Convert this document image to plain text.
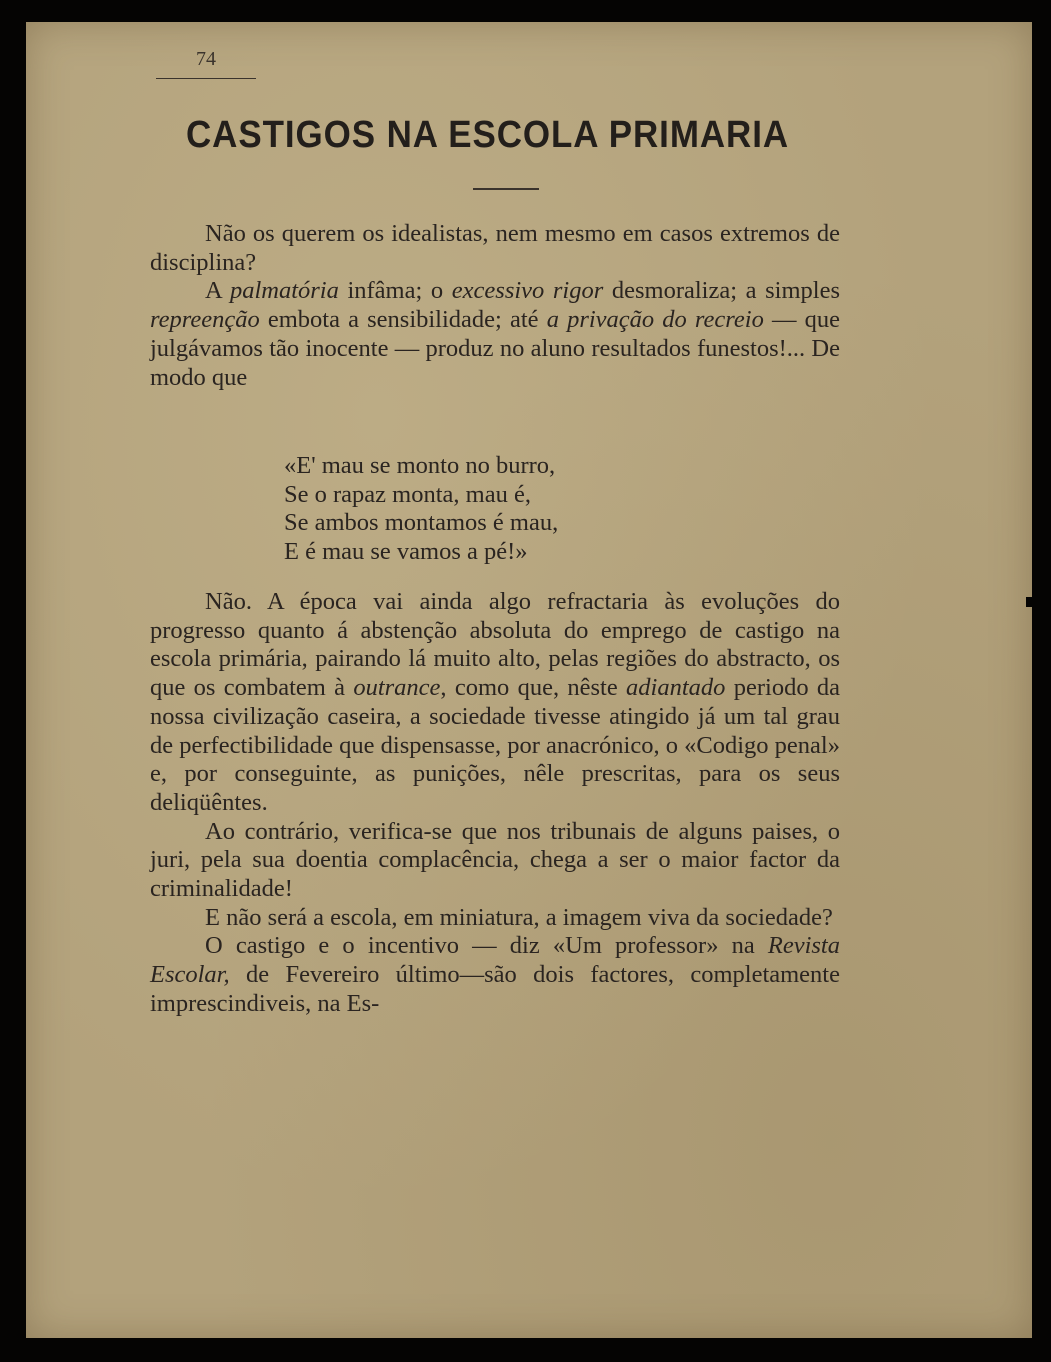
74
CASTIGOS NA ESCOLA PRIMARIA

Não os querem os idealistas, nem mesmo em casos extremos de disciplina?

A palmatória infâma; o excessivo rigor desmoraliza; a simples repreenção embota a sensibilidade; até a privação do recreio — que julgávamos tão inocente — produz no aluno resultados funestos!... De modo que

«E' mau se monto no burro,
Se o rapaz monta, mau é,
Se ambos montamos é mau,
E é mau se vamos a pé!»

Não. A época vai ainda algo refractaria às evoluções do progresso quanto á abstenção absoluta do emprego de castigo na escola primária, pairando lá muito alto, pelas regiões do abstracto, os que os combatem à outrance, como que, nêste adiantado periodo da nossa civilização caseira, a sociedade tivesse atingido já um tal grau de perfectibilidade que dispensasse, por anacrónico, o «Codigo penal» e, por conseguinte, as punições, nêle prescritas, para os seus deliqüêntes.

Ao contrário, verifica-se que nos tribunais de alguns paises, o juri, pela sua doentia complacência, chega a ser o maior factor da criminalidade!

E não será a escola, em miniatura, a imagem viva da sociedade?

O castigo e o incentivo — diz «Um professor» na Revista Escolar, de Fevereiro último—são dois factores, completamente imprescindiveis, na Es-
